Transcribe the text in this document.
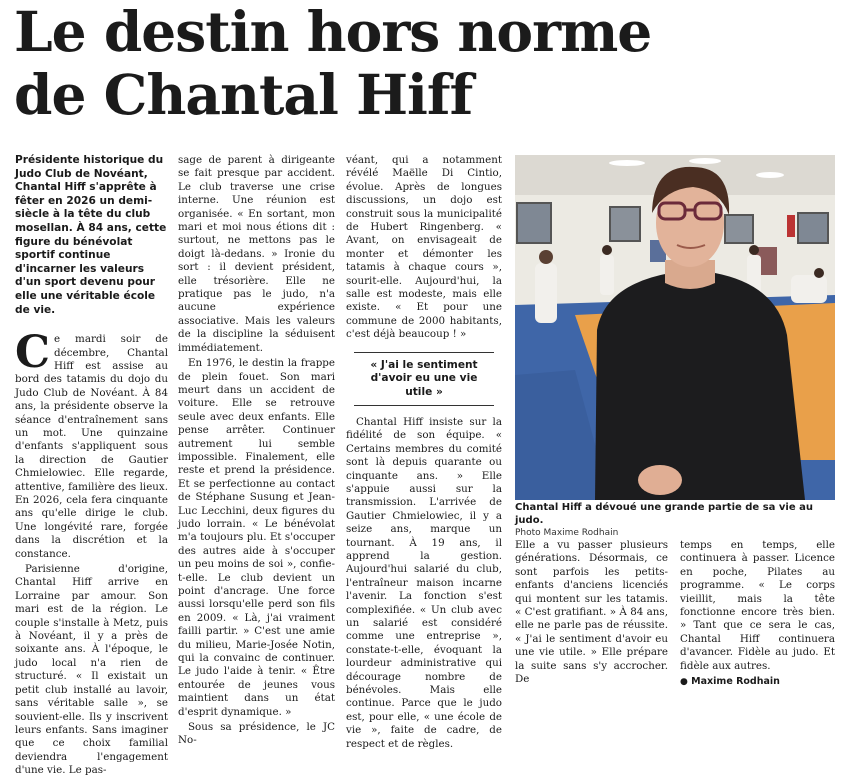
Le destin hors norme
de Chantal Hiff
Présidente historique du Judo Club de Novéant, Chantal Hiff s'apprête à fêter en 2026 un demi-siècle à la tête du club mosellan. À 84 ans, cette figure du bénévolat sportif continue d'incarner les valeurs d'un sport devenu pour elle une véritable école de vie.

Ce mardi soir de décembre, Chantal Hiff est assise au bord des tatamis du dojo du Judo Club de Novéant. À 84 ans, la présidente observe la séance d'entraînement sans un mot. Une quinzaine d'enfants s'appliquent sous la direction de Gautier Chmielowiec. Elle regarde, attentive, familière des lieux. En 2026, cela fera cinquante ans qu'elle dirige le club. Une longévité rare, forgée dans la discrétion et la constance.

Parisienne d'origine, Chantal Hiff arrive en Lorraine par amour. Son mari est de la région. Le couple s'installe à Metz, puis à Novéant, il y a près de soixante ans. À l'époque, le judo local n'a rien de structuré. « Il existait un petit club installé au lavoir, sans véritable salle », se souvient-elle. Ils y inscrivent leurs enfants. Sans imaginer que ce choix familial deviendra l'engagement d'une vie. Le pas-

sage de parent à dirigeante se fait presque par accident. Le club traverse une crise interne. Une réunion est organisée. « En sortant, mon mari et moi nous étions dit : surtout, ne mettons pas le doigt là-dedans. » Ironie du sort : il devient président, elle trésorière. Elle ne pratique pas le judo, n'a aucune expérience associative. Mais les valeurs de la discipline la séduisent immédiatement.

En 1976, le destin la frappe de plein fouet. Son mari meurt dans un accident de voiture. Elle se retrouve seule avec deux enfants. Elle pense arrêter. Continuer autrement lui semble impossible. Finalement, elle reste et prend la présidence. Et se perfectionne au contact de Stéphane Susung et Jean-Luc Lecchini, deux figures du judo lorrain. « Le bénévolat m'a toujours plu. Et s'occuper des autres aide à s'occuper un peu moins de soi », confie-t-elle. Le club devient un point d'ancrage. Une force aussi lorsqu'elle perd son fils en 2009. « Là, j'ai vraiment failli partir. » C'est une amie du milieu, Marie-Josée Notin, qui la convainc de continuer. Le judo l'aide à tenir. « Être entourée de jeunes vous maintient dans un état d'esprit dynamique. »

Sous sa présidence, le JC No-

véant, qui a notamment révélé Maëlle Di Cintio, évolue. Après de longues discussions, un dojo est construit sous la municipalité de Hubert Ringenberg. « Avant, on envisageait de monter et démonter les tatamis à chaque cours », sourit-elle. Aujourd'hui, la salle est modeste, mais elle existe. « Et pour une commune de 2000 habitants, c'est déjà beaucoup ! »

« J'ai le sentiment d'avoir eu une vie utile »

Chantal Hiff insiste sur la fidélité de son équipe. « Certains membres du comité sont là depuis quarante ou cinquante ans. » Elle s'appuie aussi sur la transmission. L'arrivée de Gautier Chmielowiec, il y a seize ans, marque un tournant. À 19 ans, il apprend la gestion. Aujourd'hui salarié du club, l'entraîneur maison incarne l'avenir. La fonction s'est complexifiée. « Un club avec un salarié est considéré comme une entreprise », constate-t-elle, évoquant la lourdeur administrative qui décourage nombre de bénévoles. Mais elle continue. Parce que le judo est, pour elle, « une école de vie », faite de cadre, de respect et de règles.

Chantal Hiff a dévoué une grande partie de sa vie au judo.
Photo Maxime Rodhain

Elle a vu passer plusieurs générations. Désormais, ce sont parfois les petits-enfants d'anciens licenciés qui montent sur les tatamis. « C'est gratifiant. » À 84 ans, elle ne parle pas de réussite. « J'ai le sentiment d'avoir eu une vie utile. » Elle prépare la suite sans s'y accrocher. De

temps en temps, elle continuera à passer. Licence en poche, Pilates au programme. « Le corps vieillit, mais la tête fonctionne encore très bien. » Tant que ce sera le cas, Chantal Hiff continuera d'avancer. Fidèle au judo. Et fidèle aux autres.

● Maxime Rodhain
